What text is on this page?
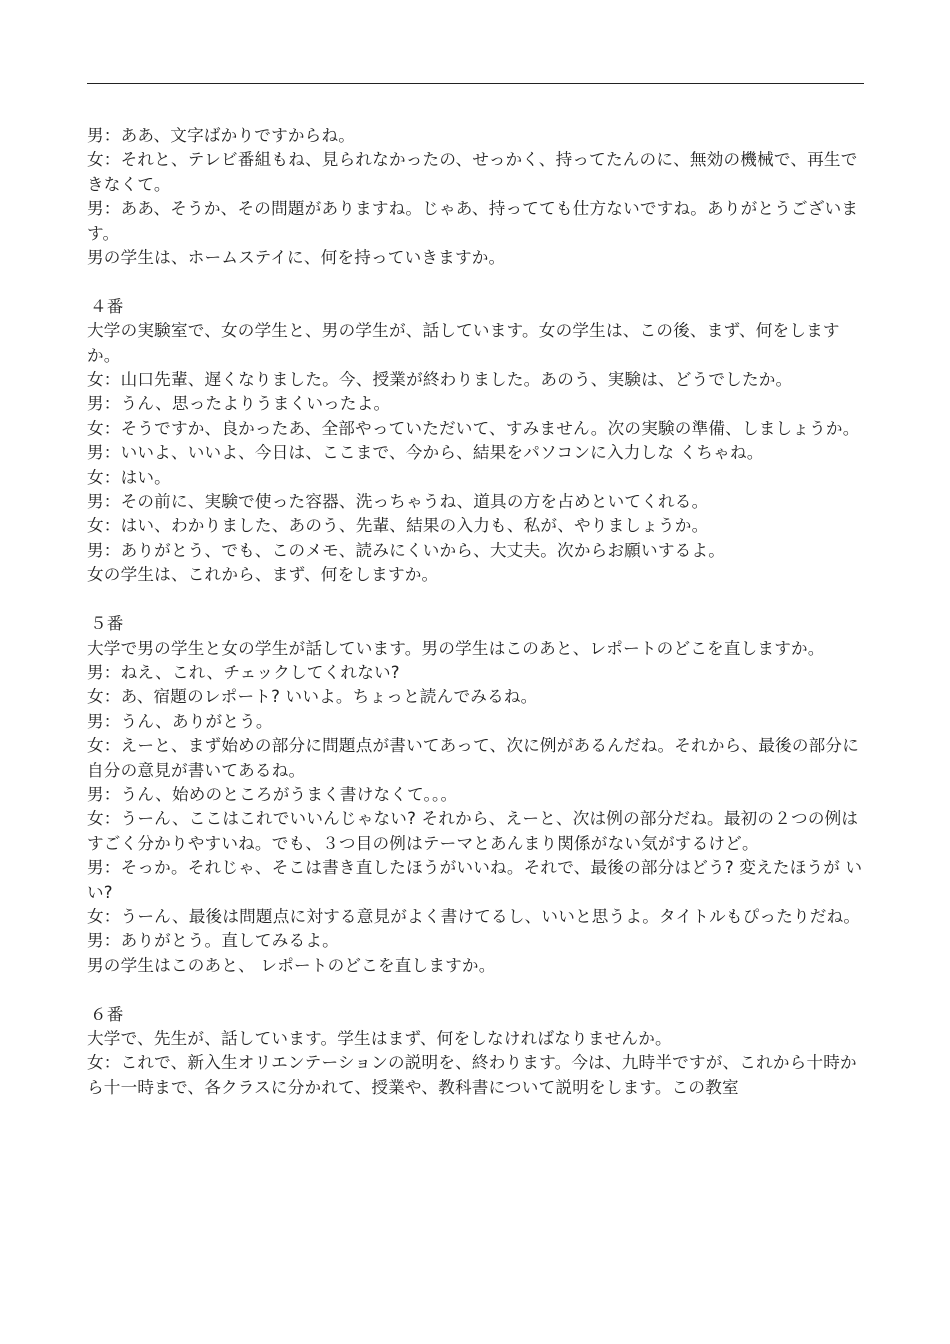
男：ああ、文字ばかりですからね。
女：それと、テレビ番組もね、見られなかったの、せっかく、持ってたんのに、無効の機械で、再生できなくて。
男：ああ、そうか、その問題がありますね。じゃあ、持ってても仕方ないですね。ありがとうございます。
男の学生は、ホームステイに、何を持っていきますか。
４番
大学の実験室で、女の学生と、男の学生が、話しています。女の学生は、この後、まず、何をしますか。
女：山口先輩、遅くなりました。今、授業が終わりました。あのう、実験は、どうでしたか。
男：うん、思ったよりうまくいったよ。
女：そうですか、良かったあ、全部やっていただいて、すみません。次の実験の準備、しましょうか。
男：いいよ、いいよ、今日は、ここまで、今から、結果をパソコンに入力しな くちゃね。
女：はい。
男：その前に、実験で使った容器、洗っちゃうね、道具の方を占めといてくれる。
女：はい、わかりました、あのう、先輩、結果の入力も、私が、やりましょうか。
男：ありがとう、でも、このメモ、読みにくいから、大丈夫。次からお願いするよ。
女の学生は、これから、まず、何をしますか。
５番
大学で男の学生と女の学生が話しています。男の学生はこのあと、レポートのどこを直しますか。
男：ねえ、これ、チェックしてくれない?
女：あ、宿題のレポート? いいよ。ちょっと読んでみるね。
男：うん、ありがとう。
女：えーと、まず始めの部分に問題点が書いてあって、次に例があるんだね。それから、最後の部分に自分の意見が書いてあるね。
男：うん、始めのところがうまく書けなくて。。。
女：うーん、ここはこれでいいんじゃない? それから、えーと、次は例の部分だね。最初の２つの例はすごく分かりやすいね。でも、３つ目の例はテーマとあんまり関係がない気がするけど。
男：そっか。それじゃ、そこは書き直したほうがいいね。それで、最後の部分はどう? 変えたほうが いい?
女：うーん、最後は問題点に対する意見がよく書けてるし、いいと思うよ。タイトルもぴったりだね。
男：ありがとう。直してみるよ。
男の学生はこのあと、 レポートのどこを直しますか。
６番
大学で、先生が、話しています。学生はまず、何をしなければなりませんか。
女：これで、新入生オリエンテーションの説明を、終わります。今は、九時半ですが、これから十時から十一時まで、各クラスに分かれて、授業や、教科書について説明をします。この教室
